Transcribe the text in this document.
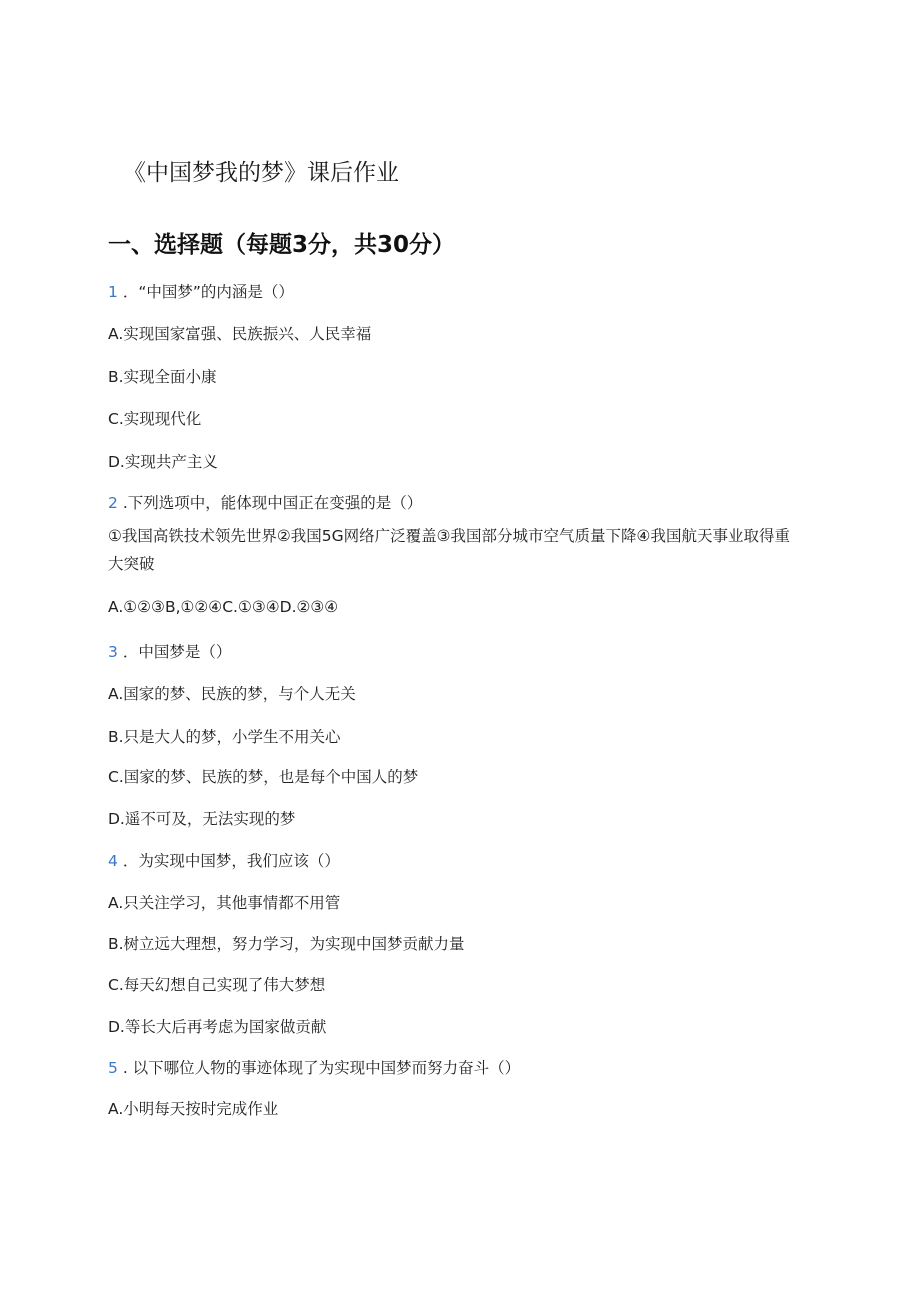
《中国梦我的梦》课后作业
一、选择题（每题3分，共30分）
1 ．“中国梦”的内涵是（）
A.实现国家富强、民族振兴、人民幸福
B.实现全面小康
C.实现现代化
D.实现共产主义
2 .下列选项中，能体现中国正在变强的是（）
①我国高铁技术领先世界②我国5G网络广泛覆盖③我国部分城市空气质量下降④我国航天事业取得重大突破
A.①②③B,①②④C.①③④D.②③④
3 ．中国梦是（）
A.国家的梦、民族的梦，与个人无关
B.只是大人的梦，小学生不用关心
C.国家的梦、民族的梦，也是每个中国人的梦
D.遥不可及，无法实现的梦
4 ．为实现中国梦，我们应该（）
A.只关注学习，其他事情都不用管
B.树立远大理想，努力学习，为实现中国梦贡献力量
C.每天幻想自己实现了伟大梦想
D.等长大后再考虑为国家做贡献
5 . 以下哪位人物的事迹体现了为实现中国梦而努力奋斗（）
A.小明每天按时完成作业
